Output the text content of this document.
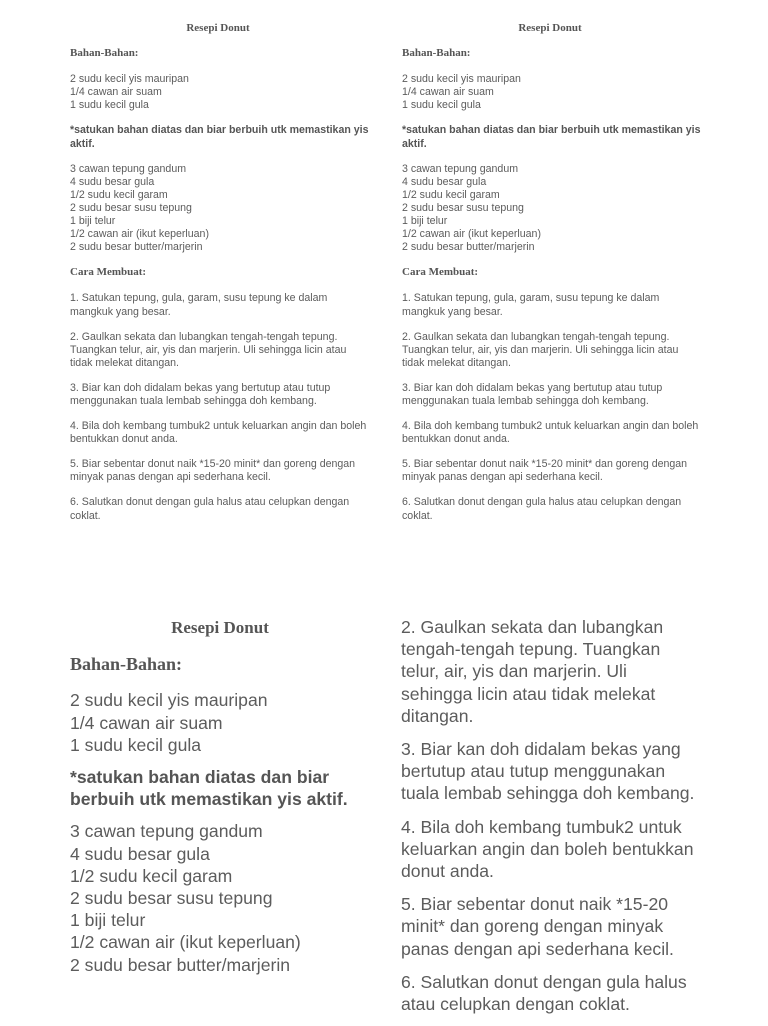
Resepi Donut

Bahan-Bahan:

2 sudu kecil yis mauripan

1/4 cawan air suam

1 sudu kecil gula

*satukan bahan diatas dan biar berbuih utk memastikan yis aktif.

3 cawan tepung gandum

4 sudu besar gula

1/2 sudu kecil garam

2 sudu besar susu tepung

1 biji telur

1/2 cawan air (ikut keperluan)

2 sudu besar butter/marjerin

Cara Membuat:

1. Satukan tepung, gula, garam, susu tepung ke dalam mangkuk yang besar.

2. Gaulkan sekata dan lubangkan tengah-tengah tepung. Tuangkan telur, air, yis dan marjerin. Uli sehingga licin atau tidak melekat ditangan.

3. Biar kan doh didalam bekas yang bertutup atau tutup menggunakan tuala lembab sehingga doh kembang.

4. Bila doh kembang tumbuk2 untuk keluarkan angin dan boleh bentukkan donut anda.

5. Biar sebentar donut naik *15-20 minit* dan goreng dengan minyak panas dengan api sederhana kecil.

6. Salutkan donut dengan gula halus atau celupkan dengan coklat.

Resepi Donut

Bahan-Bahan:

2 sudu kecil yis mauripan

1/4 cawan air suam

1 sudu kecil gula

*satukan bahan diatas dan biar berbuih utk memastikan yis aktif.

3 cawan tepung gandum

4 sudu besar gula

1/2 sudu kecil garam

2 sudu besar susu tepung

1 biji telur

1/2 cawan air (ikut keperluan)

2 sudu besar butter/marjerin

Cara Membuat:

1. Satukan tepung, gula, garam, susu tepung ke dalam mangkuk yang besar.

2. Gaulkan sekata dan lubangkan tengah-tengah tepung. Tuangkan telur, air, yis dan marjerin. Uli sehingga licin atau tidak melekat ditangan.

3. Biar kan doh didalam bekas yang bertutup atau tutup menggunakan tuala lembab sehingga doh kembang.

4. Bila doh kembang tumbuk2 untuk keluarkan angin dan boleh bentukkan donut anda.

5. Biar sebentar donut naik *15-20 minit* dan goreng dengan minyak panas dengan api sederhana kecil.

6. Salutkan donut dengan gula halus atau celupkan dengan coklat.

Resepi Donut

Bahan-Bahan:

2 sudu kecil yis mauripan

1/4 cawan air suam

1 sudu kecil gula

*satukan bahan diatas dan biar berbuih utk memastikan yis aktif.

3 cawan tepung gandum

4 sudu besar gula

1/2 sudu kecil garam

2 sudu besar susu tepung

1 biji telur

1/2 cawan air (ikut keperluan)

2 sudu besar butter/marjerin

2. Gaulkan sekata dan lubangkan tengah-tengah tepung. Tuangkan telur, air, yis dan marjerin. Uli sehingga licin atau tidak melekat ditangan.

3. Biar kan doh didalam bekas yang bertutup atau tutup menggunakan tuala lembab sehingga doh kembang.

4. Bila doh kembang tumbuk2 untuk keluarkan angin dan boleh bentukkan donut anda.

5. Biar sebentar donut naik *15-20 minit* dan goreng dengan minyak panas dengan api sederhana kecil.

6. Salutkan donut dengan gula halus atau celupkan dengan coklat.
